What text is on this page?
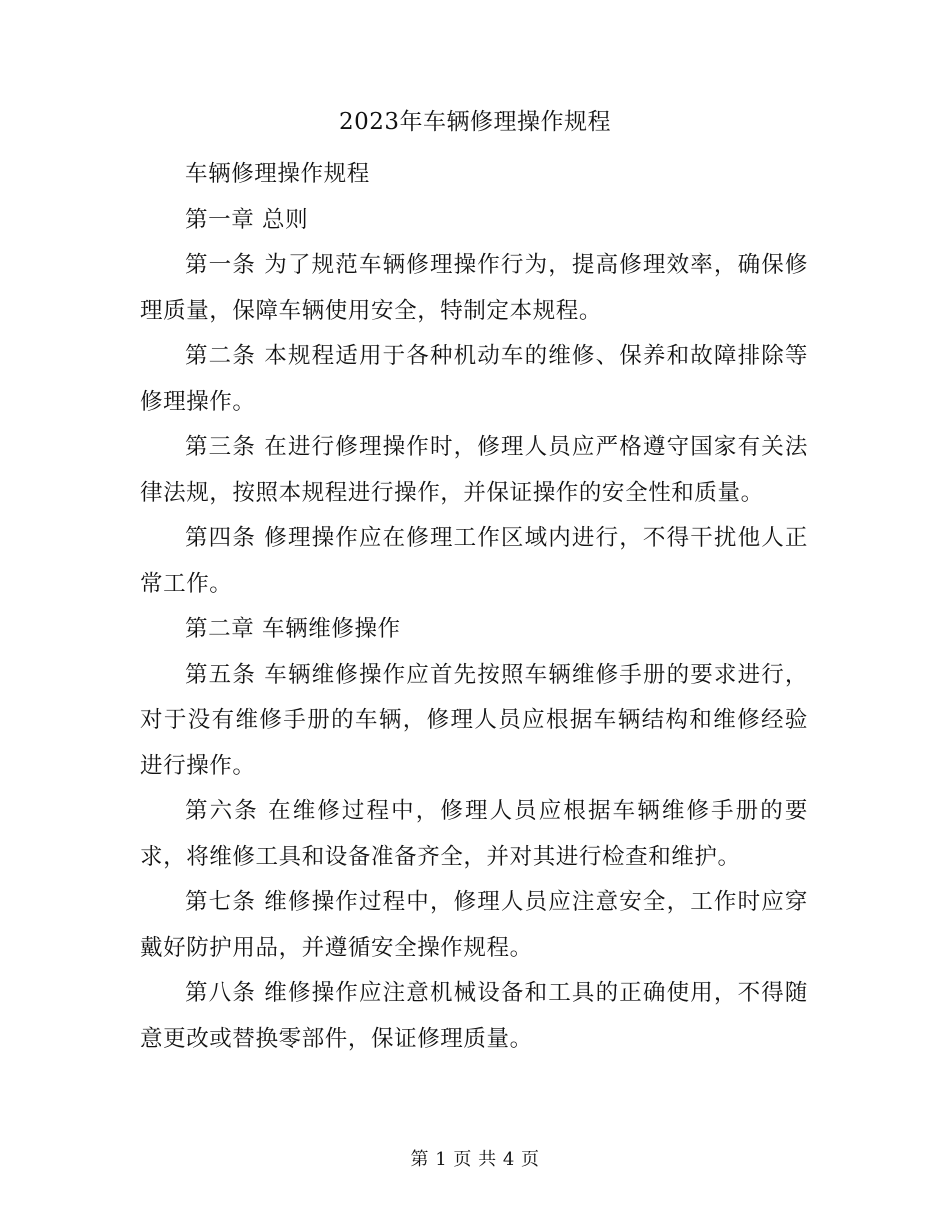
2023年车辆修理操作规程

车辆修理操作规程

第一章 总则

第一条 为了规范车辆修理操作行为，提高修理效率，确保修理质量，保障车辆使用安全，特制定本规程。

第二条 本规程适用于各种机动车的维修、保养和故障排除等修理操作。

第三条 在进行修理操作时，修理人员应严格遵守国家有关法律法规，按照本规程进行操作，并保证操作的安全性和质量。

第四条 修理操作应在修理工作区域内进行，不得干扰他人正常工作。

第二章 车辆维修操作

第五条 车辆维修操作应首先按照车辆维修手册的要求进行，对于没有维修手册的车辆，修理人员应根据车辆结构和维修经验进行操作。

第六条 在维修过程中，修理人员应根据车辆维修手册的要求，将维修工具和设备准备齐全，并对其进行检查和维护。

第七条 维修操作过程中，修理人员应注意安全，工作时应穿戴好防护用品，并遵循安全操作规程。

第八条 维修操作应注意机械设备和工具的正确使用，不得随意更改或替换零部件，保证修理质量。

第 1 页 共 4 页
